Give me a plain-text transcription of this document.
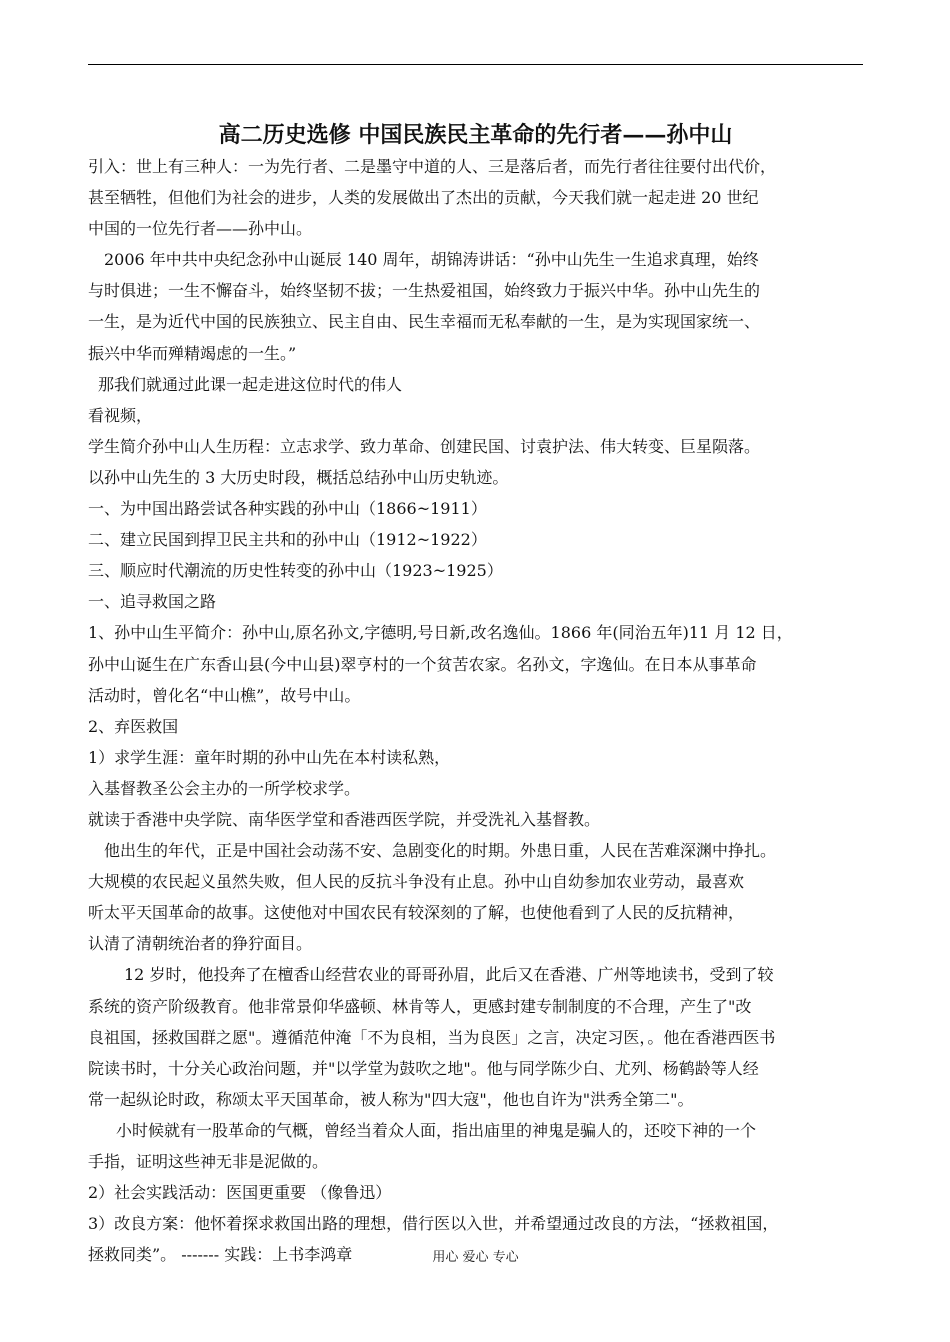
高二历史选修 中国民族民主革命的先行者——孙中山

引入：世上有三种人：一为先行者、二是墨守中道的人、三是落后者，而先行者往往要付出代价，

甚至牺牲，但他们为社会的进步，人类的发展做出了杰出的贡献，今天我们就一起走进 20 世纪

中国的一位先行者——孙中山。

2006 年中共中央纪念孙中山诞辰 140 周年，胡锦涛讲话：“孙中山先生一生追求真理，始终

与时俱进；一生不懈奋斗，始终坚韧不拔；一生热爱祖国，始终致力于振兴中华。孙中山先生的

一生，是为近代中国的民族独立、民主自由、民生幸福而无私奉献的一生，是为实现国家统一、

振兴中华而殚精竭虑的一生。”

那我们就通过此课一起走进这位时代的伟人

看视频，

学生简介孙中山人生历程：立志求学、致力革命、创建民国、讨袁护法、伟大转变、巨星陨落。

以孙中山先生的 3 大历史时段，概括总结孙中山历史轨迹。

一、为中国出路尝试各种实践的孙中山（1866~1911）

二、建立民国到捍卫民主共和的孙中山（1912~1922）

三、顺应时代潮流的历史性转变的孙中山（1923~1925）

一、追寻救国之路

1、孙中山生平简介：孙中山,原名孙文,字德明,号日新,改名逸仙。1866 年(同治五年)11 月 12 日，

孙中山诞生在广东香山县(今中山县)翠亨村的一个贫苦农家。名孙文，字逸仙。在日本从事革命

活动时，曾化名“中山樵”，故号中山。

2、弃医救国

1）求学生涯：童年时期的孙中山先在本村读私熟，

入基督教圣公会主办的一所学校求学。

就读于香港中央学院、南华医学堂和香港西医学院，并受洗礼入基督教。

他出生的年代，正是中国社会动荡不安、急剧变化的时期。外患日重，人民在苦难深渊中挣扎。

大规模的农民起义虽然失败，但人民的反抗斗争没有止息。孙中山自幼参加农业劳动，最喜欢

听太平天国革命的故事。这使他对中国农民有较深刻的了解，也使他看到了人民的反抗精神，

认清了清朝统治者的狰狞面目。

12 岁时，他投奔了在檀香山经营农业的哥哥孙眉，此后又在香港、广州等地读书，受到了较

系统的资产阶级教育。他非常景仰华盛顿、林肯等人，更感封建专制制度的不合理，产生了"改

良祖国，拯救国群之愿"。遵循范仲淹「不为良相，当为良医」之言，决定习医，。他在香港西医书

院读书时，十分关心政治问题，并"以学堂为鼓吹之地"。他与同学陈少白、尤列、杨鹤龄等人经

常一起纵论时政，称颂太平天国革命，被人称为"四大寇"，他也自许为"洪秀全第二"。

小时候就有一股革命的气概，曾经当着众人面，指出庙里的神鬼是骗人的，还咬下神的一个

手指，证明这些神无非是泥做的。

2）社会实践活动：医国更重要 （像鲁迅）

3）改良方案：他怀着探求救国出路的理想，借行医以入世，并希望通过改良的方法，“拯救祖国，

拯救同类”。 ------- 实践：上书李鸿章	用心 爱心 专心
